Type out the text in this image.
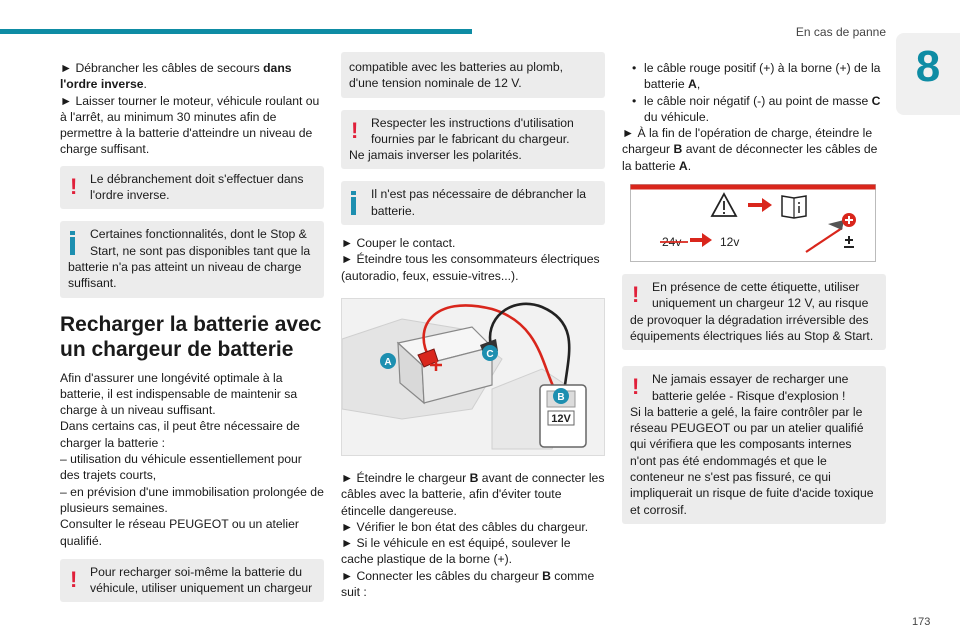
En cas de panne
8

► Débrancher les câbles de secours dans
l'ordre inverse.
► Laisser tourner le moteur, véhicule roulant ou à l'arrêt, au minimum 30 minutes afin de permettre à la batterie d'atteindre un niveau de charge suffisant.

!	Le débranchement doit s'effectuer dans l'ordre inverse.
Certaines fonctionnalités, dont le Stop & Start, ne sont pas disponibles tant que la
batterie n'a pas atteint un niveau de charge suffisant.
Recharger la batterie avec un chargeur de batterie

Afin d'assurer une longévité optimale à la batterie, il est indispensable de maintenir sa charge à un niveau suffisant.
Dans certains cas, il peut être nécessaire de charger la batterie :
– utilisation du véhicule essentiellement pour des trajets courts,
– en prévision d'une immobilisation prolongée de plusieurs semaines.
Consulter le réseau PEUGEOT ou un atelier qualifié.

!	Pour recharger soi-même la batterie du véhicule, utiliser uniquement un chargeur
compatible avec les batteries au plomb, d'une tension nominale de 12 V.
!	Respecter les instructions d'utilisation fournies par le fabricant du chargeur.
Ne jamais inverser les polarités.
Il n'est pas nécessaire de débrancher la batterie.

► Couper le contact.
► Éteindre tous les consommateurs électriques (autoradio, feux, essuie-vitres...).

12V
A
C
B

► Éteindre le chargeur B avant de connecter les câbles avec la batterie, afin d'éviter toute étincelle dangereuse.
► Vérifier le bon état des câbles du chargeur.
► Si le véhicule en est équipé, soulever le cache plastique de la borne (+).
► Connecter les câbles du chargeur B comme suit :

• le câble rouge positif (+) à la borne (+) de la batterie A,
• le câble noir négatif (-) au point de masse C du véhicule.
► À la fin de l'opération de charge, éteindre le chargeur B avant de déconnecter les câbles de la batterie A.

24v	12v
!	En présence de cette étiquette, utiliser uniquement un chargeur 12 V, au risque
de provoquer la dégradation irréversible des équipements électriques liés au Stop & Start.
!	Ne jamais essayer de recharger une batterie gelée - Risque d'explosion !
Si la batterie a gelé, la faire contrôler par le réseau PEUGEOT ou par un atelier qualifié qui vérifiera que les composants internes n'ont pas été endommagés et que le conteneur ne s'est pas fissuré, ce qui impliquerait un risque de fuite d'acide toxique et corrosif.
173
